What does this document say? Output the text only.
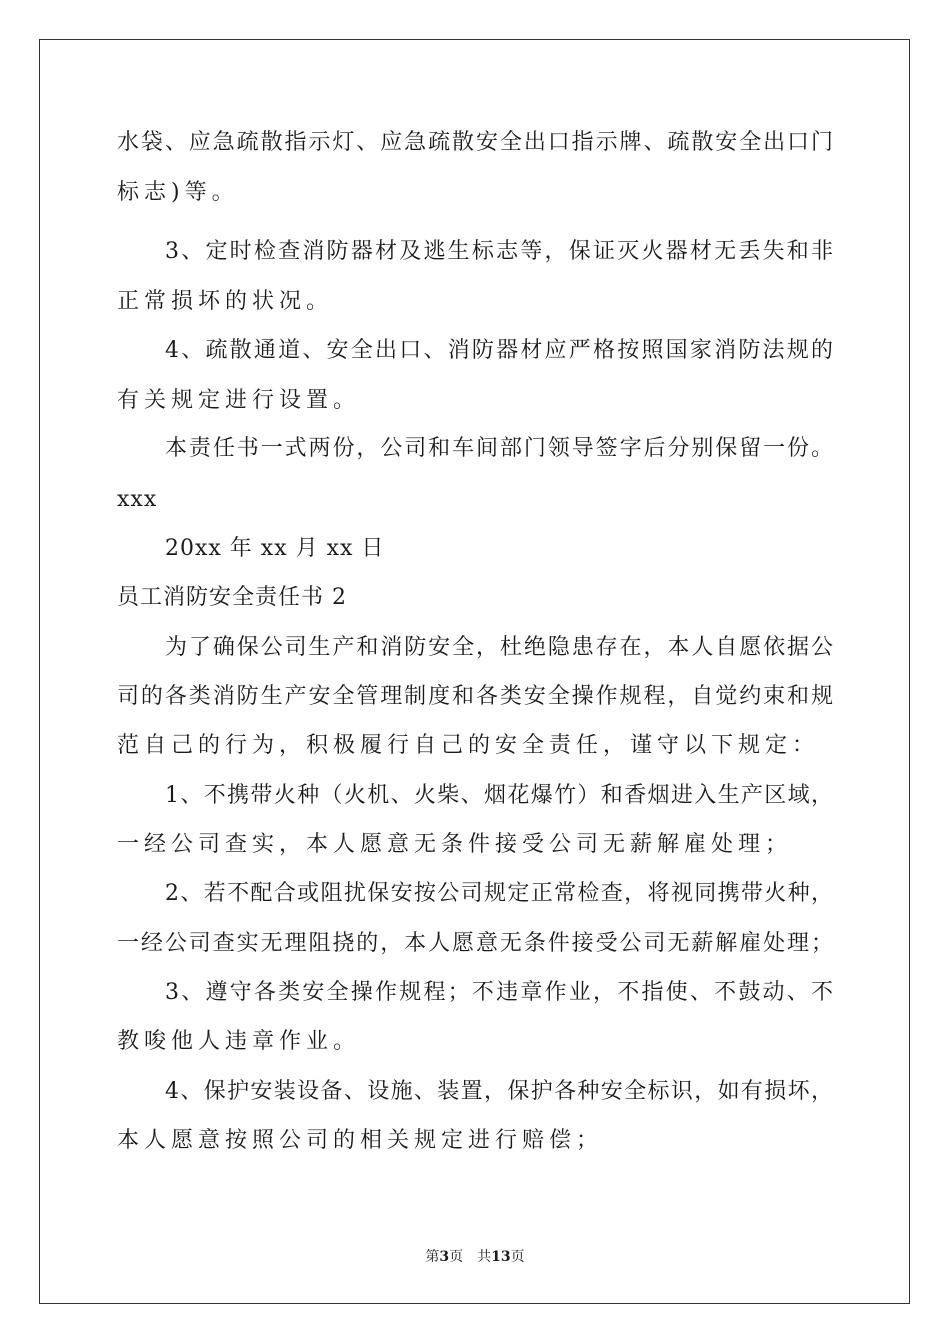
水袋、应急疏散指示灯、应急疏散安全出口指示牌、疏散安全出口门
标志)等。
3、定时检查消防器材及逃生标志等，保证灭火器材无丢失和非
正常损坏的状况。
4、疏散通道、安全出口、消防器材应严格按照国家消防法规的
有关规定进行设置。
本责任书一式两份，公司和车间部门领导签字后分别保留一份。
xxx
20xx 年 xx 月 xx 日
员工消防安全责任书 2
为了确保公司生产和消防安全，杜绝隐患存在，本人自愿依据公
司的各类消防生产安全管理制度和各类安全操作规程，自觉约束和规
范自己的行为，积极履行自己的安全责任，谨守以下规定：
1、不携带火种（火机、火柴、烟花爆竹）和香烟进入生产区域，
一经公司查实，本人愿意无条件接受公司无薪解雇处理；
2、若不配合或阻扰保安按公司规定正常检查，将视同携带火种，
一经公司查实无理阻挠的，本人愿意无条件接受公司无薪解雇处理；
3、遵守各类安全操作规程；不违章作业，不指使、不鼓动、不
教唆他人违章作业。
4、保护安装设备、设施、装置，保护各种安全标识，如有损坏，
本人愿意按照公司的相关规定进行赔偿；
第3页 共13页
